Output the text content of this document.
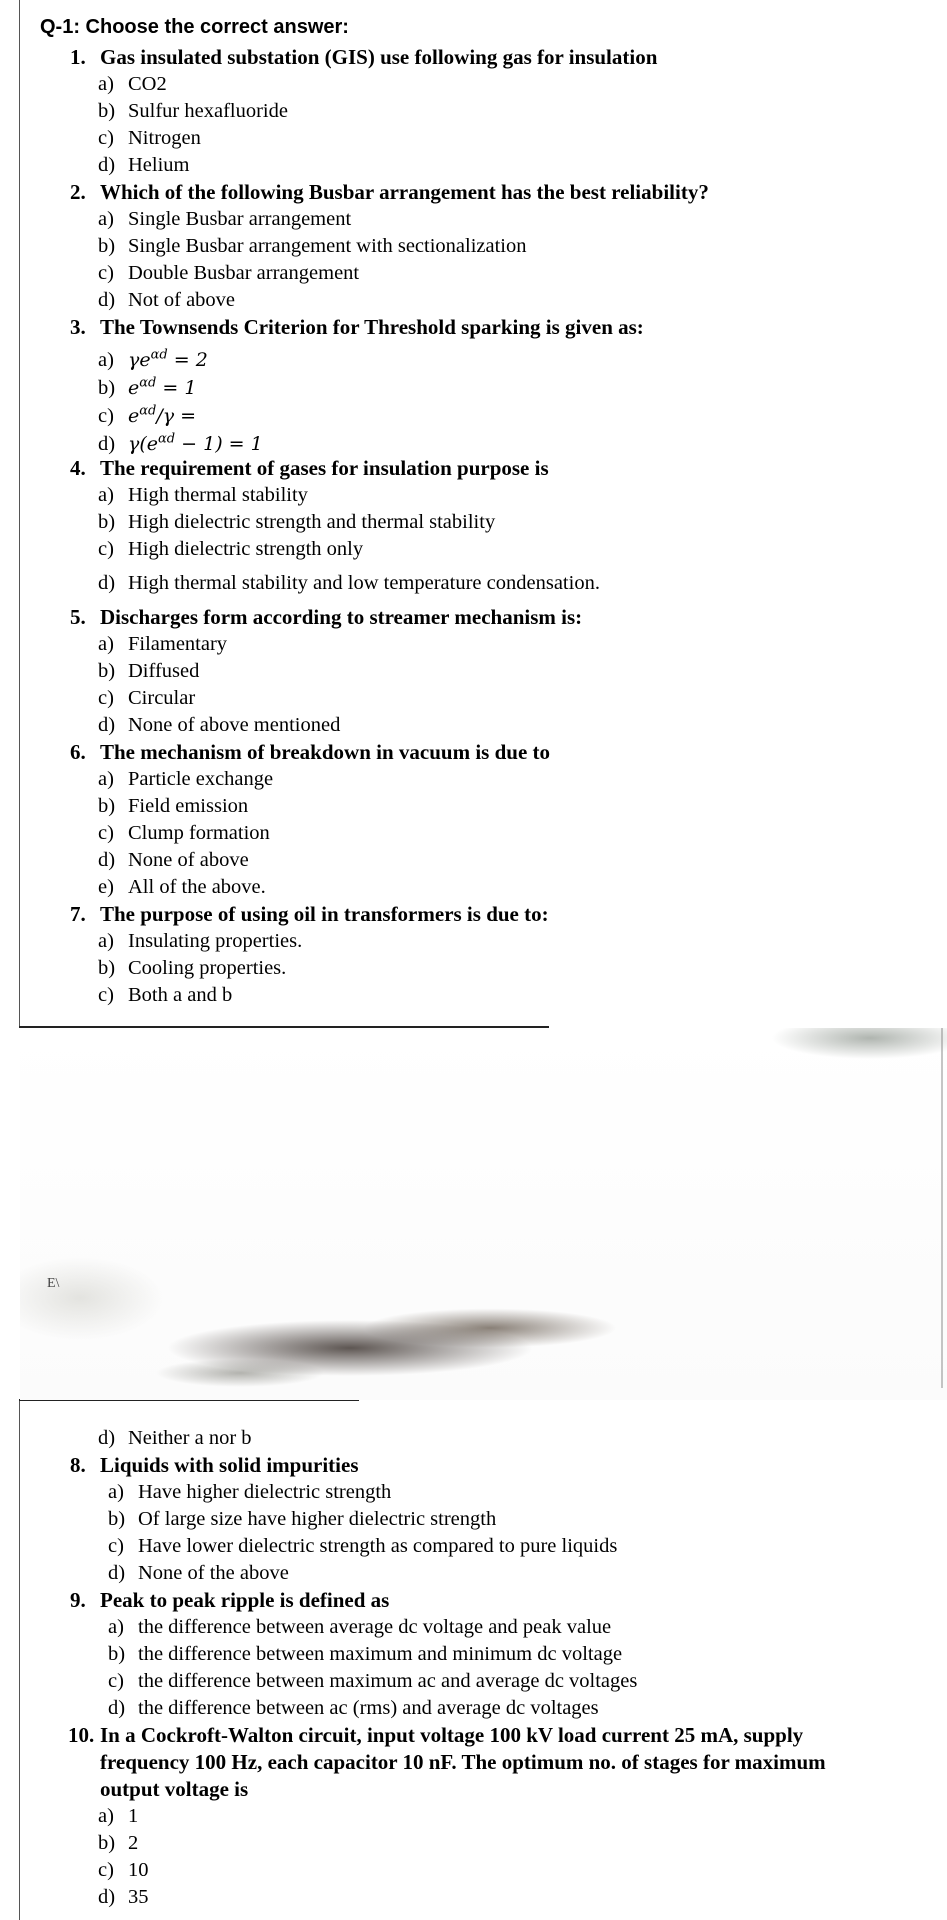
Q-1: Choose the correct answer:
1. Gas insulated substation (GIS) use following gas for insulation
a) CO2
b) Sulfur hexafluoride
c) Nitrogen
d) Helium
2. Which of the following Busbar arrangement has the best reliability?
a) Single Busbar arrangement
b) Single Busbar arrangement with sectionalization
c) Double Busbar arrangement
d) Not of above
3. The Townsends Criterion for Threshold sparking is given as:
a) $\gamma e^{\alpha d} = 2$
b) $e^{\alpha d} = 1$
c) $e^{\alpha d}/\gamma$ =
d) $\gamma(e^{\alpha d} - 1) = 1$
4. The requirement of gases for insulation purpose is
a) High thermal stability
b) High dielectric strength and thermal stability
c) High dielectric strength only
d) High thermal stability and low temperature condensation.
5. Discharges form according to streamer mechanism is:
a) Filamentary
b) Diffused
c) Circular
d) None of above mentioned
6. The mechanism of breakdown in vacuum is due to
a) Particle exchange
b) Field emission
c) Clump formation
d) None of above
e) All of the above.
7. The purpose of using oil in transformers is due to:
a) Insulating properties.
b) Cooling properties.
c) Both a and b
E\
d) Neither a nor b
8. Liquids with solid impurities
a) Have higher dielectric strength
b) Of large size have higher dielectric strength
c) Have lower dielectric strength as compared to pure liquids
d) None of the above
9. Peak to peak ripple is defined as
a) the difference between average dc voltage and peak value
b) the difference between maximum and minimum dc voltage
c) the difference between maximum ac and average dc voltages
d) the difference between ac (rms) and average dc voltages
10. In a Cockroft-Walton circuit, input voltage 100 kV load current 25 mA, supply
frequency 100 Hz, each capacitor 10 nF. The optimum no. of stages for maximum
output voltage is
a) 1
b) 2
c) 10
d) 35
